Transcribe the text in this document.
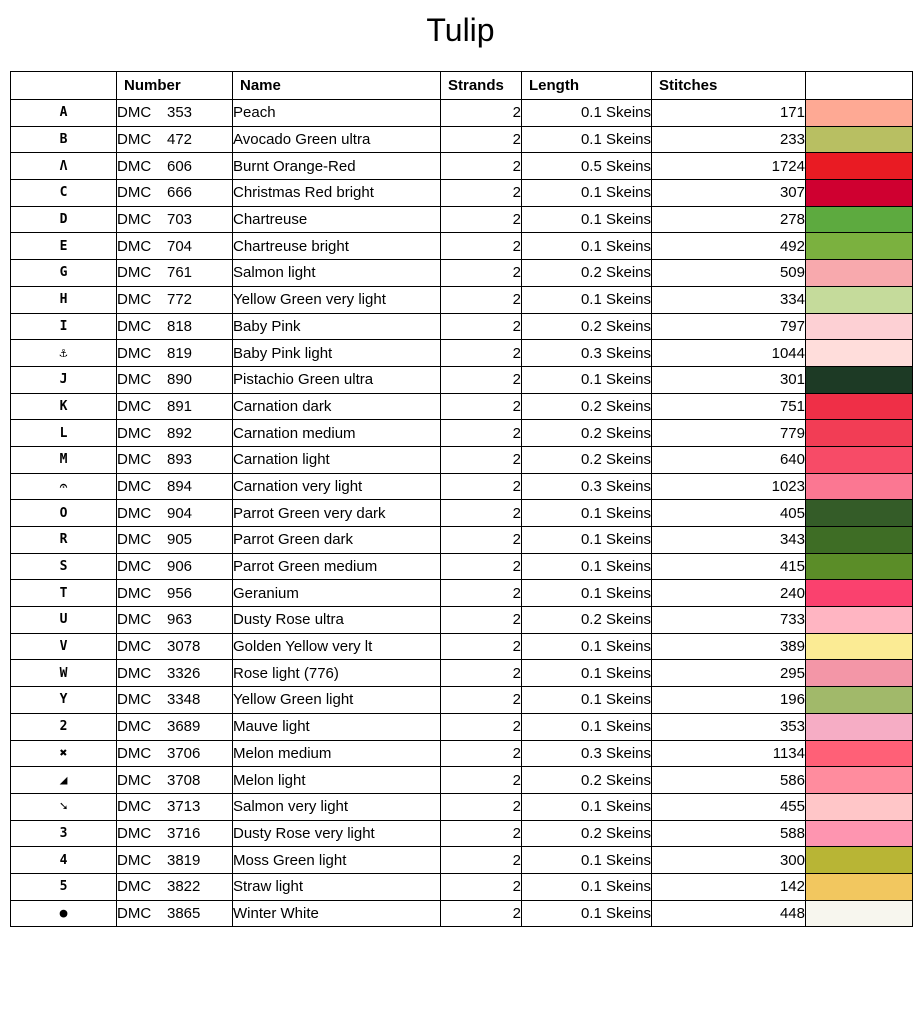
Tulip
	Number	Name	Strands	Length	Stitches	
A	DMC 353	Peach	2	0.1 Skeins	171	

B	DMC 472	Avocado Green ultra	2	0.1 Skeins	233	

Λ	DMC 606	Burnt Orange-Red	2	0.5 Skeins	1724	

C	DMC 666	Christmas Red bright	2	0.1 Skeins	307	

D	DMC 703	Chartreuse	2	0.1 Skeins	278	

E	DMC 704	Chartreuse bright	2	0.1 Skeins	492	

G	DMC 761	Salmon light	2	0.2 Skeins	509	

H	DMC 772	Yellow Green very light	2	0.1 Skeins	334	

I	DMC 818	Baby Pink	2	0.2 Skeins	797	

⚓	DMC 819	Baby Pink light	2	0.3 Skeins	1044	

J	DMC 890	Pistachio Green ultra	2	0.1 Skeins	301	

K	DMC 891	Carnation dark	2	0.2 Skeins	751	

L	DMC 892	Carnation medium	2	0.2 Skeins	779	

M	DMC 893	Carnation light	2	0.2 Skeins	640	

𝄐	DMC 894	Carnation very light	2	0.3 Skeins	1023	

O	DMC 904	Parrot Green very dark	2	0.1 Skeins	405	

R	DMC 905	Parrot Green dark	2	0.1 Skeins	343	

S	DMC 906	Parrot Green medium	2	0.1 Skeins	415	

T	DMC 956	Geranium	2	0.1 Skeins	240	

U	DMC 963	Dusty Rose ultra	2	0.2 Skeins	733	

V	DMC 3078	Golden Yellow very lt	2	0.1 Skeins	389	

W	DMC 3326	Rose light (776)	2	0.1 Skeins	295	

Y	DMC 3348	Yellow Green light	2	0.1 Skeins	196	

2	DMC 3689	Mauve light	2	0.1 Skeins	353	

✖	DMC 3706	Melon medium	2	0.3 Skeins	1134	

◢	DMC 3708	Melon light	2	0.2 Skeins	586	

➘	DMC 3713	Salmon very light	2	0.1 Skeins	455	

3	DMC 3716	Dusty Rose very light	2	0.2 Skeins	588	

4	DMC 3819	Moss Green light	2	0.1 Skeins	300	

5	DMC 3822	Straw light	2	0.1 Skeins	142	

●	DMC 3865	Winter White	2	0.1 Skeins	448	
